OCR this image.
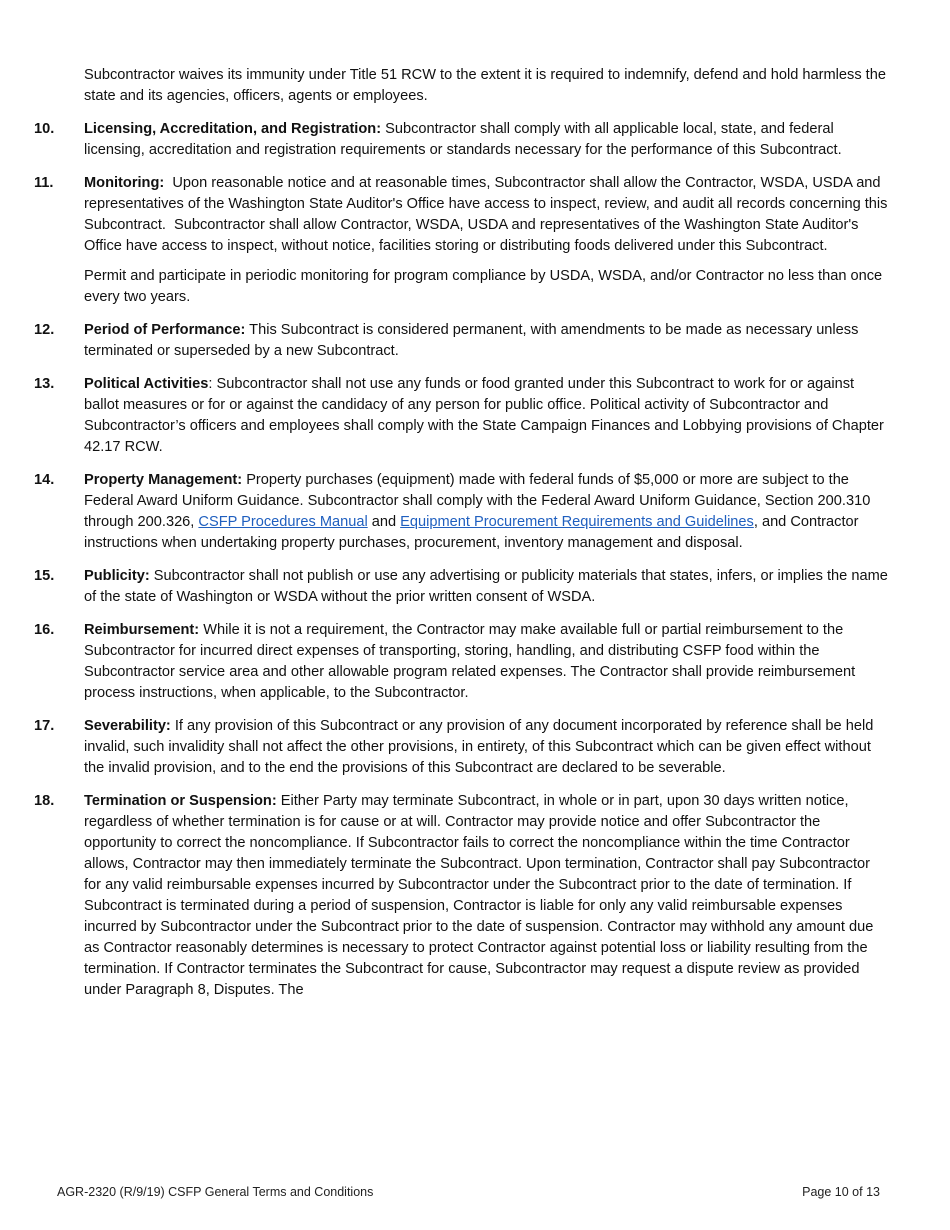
Subcontractor waives its immunity under Title 51 RCW to the extent it is required to indemnify, defend and hold harmless the state and its agencies, officers, agents or employees.

10. Licensing, Accreditation, and Registration: Subcontractor shall comply with all applicable local, state, and federal licensing, accreditation and registration requirements or standards necessary for the performance of this Subcontract.

11. Monitoring:  Upon reasonable notice and at reasonable times, Subcontractor shall allow the Contractor, WSDA, USDA and representatives of the Washington State Auditor's Office have access to inspect, review, and audit all records concerning this Subcontract.  Subcontractor shall allow Contractor, WSDA, USDA and representatives of the Washington State Auditor's Office have access to inspect, without notice, facilities storing or distributing foods delivered under this Subcontract.

Permit and participate in periodic monitoring for program compliance by USDA, WSDA, and/or Contractor no less than once every two years.

12. Period of Performance: This Subcontract is considered permanent, with amendments to be made as necessary unless terminated or superseded by a new Subcontract.

13. Political Activities: Subcontractor shall not use any funds or food granted under this Subcontract to work for or against ballot measures or for or against the candidacy of any person for public office. Political activity of Subcontractor and Subcontractor’s officers and employees shall comply with the State Campaign Finances and Lobbying provisions of Chapter 42.17 RCW.

14. Property Management: Property purchases (equipment) made with federal funds of $5,000 or more are subject to the Federal Award Uniform Guidance. Subcontractor shall comply with the Federal Award Uniform Guidance, Section 200.310 through 200.326, CSFP Procedures Manual and Equipment Procurement Requirements and Guidelines, and Contractor instructions when undertaking property purchases, procurement, inventory management and disposal.

15. Publicity: Subcontractor shall not publish or use any advertising or publicity materials that states, infers, or implies the name of the state of Washington or WSDA without the prior written consent of WSDA.

16. Reimbursement: While it is not a requirement, the Contractor may make available full or partial reimbursement to the Subcontractor for incurred direct expenses of transporting, storing, handling, and distributing CSFP food within the Subcontractor service area and other allowable program related expenses. The Contractor shall provide reimbursement process instructions, when applicable, to the Subcontractor.

17. Severability: If any provision of this Subcontract or any provision of any document incorporated by reference shall be held invalid, such invalidity shall not affect the other provisions, in entirety, of this Subcontract which can be given effect without the invalid provision, and to the end the provisions of this Subcontract are declared to be severable.

18. Termination or Suspension: Either Party may terminate Subcontract, in whole or in part, upon 30 days written notice, regardless of whether termination is for cause or at will. Contractor may provide notice and offer Subcontractor the opportunity to correct the noncompliance. If Subcontractor fails to correct the noncompliance within the time Contractor allows, Contractor may then immediately terminate the Subcontract. Upon termination, Contractor shall pay Subcontractor for any valid reimbursable expenses incurred by Subcontractor under the Subcontract prior to the date of termination. If Subcontract is terminated during a period of suspension, Contractor is liable for only any valid reimbursable expenses incurred by Subcontractor under the Subcontract prior to the date of suspension. Contractor may withhold any amount due as Contractor reasonably determines is necessary to protect Contractor against potential loss or liability resulting from the termination. If Contractor terminates the Subcontract for cause, Subcontractor may request a dispute review as provided under Paragraph 8, Disputes. The

AGR-2320 (R/9/19) CSFP General Terms and Conditions	Page 10 of 13
